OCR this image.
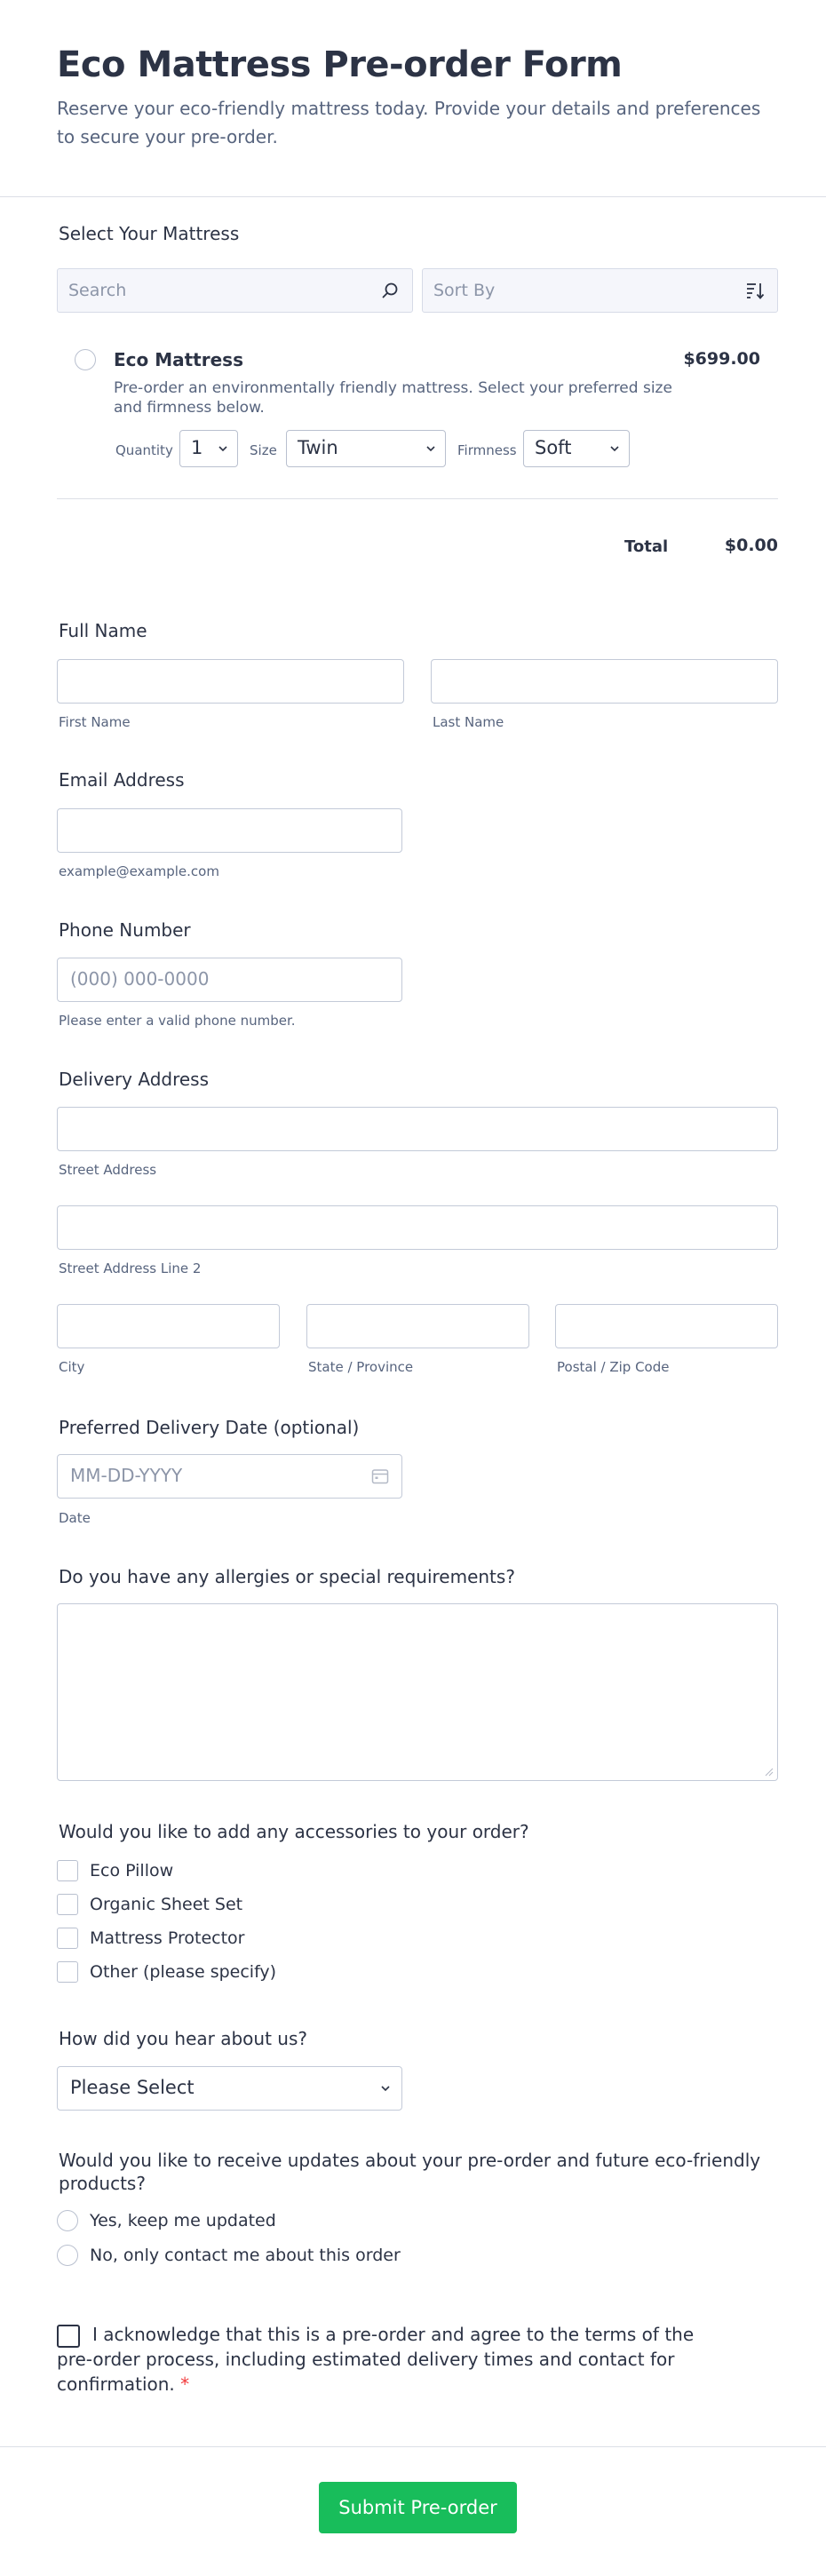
Eco Mattress Pre-order Form
Reserve your eco-friendly mattress today. Provide your details and preferences to secure your pre-order.
Select Your Mattress
Search	Sort By
Eco Mattress	$699.00
Pre-order an environmentally friendly mattress. Select your preferred size and firmness below.
Quantity 1	Size	Twin	Firmness Soft
Total	$0.00
Full Name
First Name	Last Name
Email Address
example@example.com
Phone Number
(000) 000-0000
Please enter a valid phone number.
Delivery Address
Street Address
Street Address Line 2
City	State / Province	Postal / Zip Code
Preferred Delivery Date (optional)
MM-DD-YYYY
Date
Do you have any allergies or special requirements?
Would you like to add any accessories to your order?
Eco Pillow
Organic Sheet Set
Mattress Protector
Other (please specify)
How did you hear about us?
Please Select
Would you like to receive updates about your pre-order and future eco-friendly products?
Yes, keep me updated
No, only contact me about this order
I acknowledge that this is a pre-order and agree to the terms of the pre-order process, including estimated delivery times and contact for confirmation. *
Submit Pre-order
